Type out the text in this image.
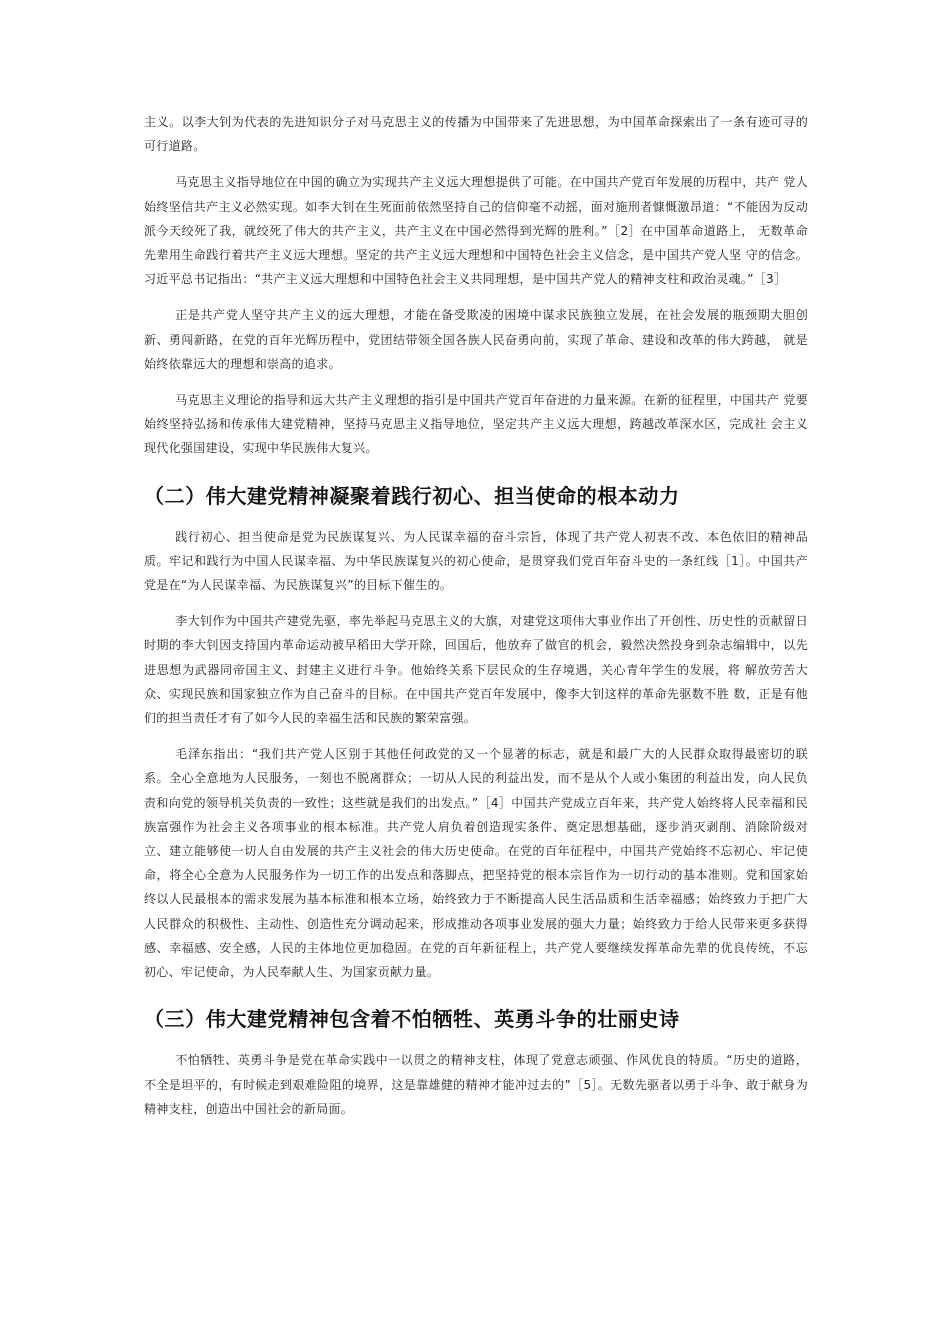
主义。以李大钊为代表的先进知识分子对马克思主义的传播为中国带来了先进思想，为中国革命探索出了一条有迹可寻的可行道路。

马克思主义指导地位在中国的确立为实现共产主义远大理想提供了可能。在中国共产党百年发展的历程中，共产 党人始终坚信共产主义必然实现。如李大钊在生死面前依然坚持自己的信仰毫不动摇，面对施刑者慷慨激昂道：“不能因为反动派今天绞死了我，就绞死了伟大的共产主义，共产主义在中国必然得到光辉的胜利。”［2］在中国革命道路上， 无数革命先辈用生命践行着共产主义远大理想。坚定的共产主义远大理想和中国特色社会主义信念，是中国共产党人坚 守的信念。习近平总书记指出：“共产主义远大理想和中国特色社会主义共同理想，是中国共产党人的精神支柱和政治灵魂。”［3］

正是共产党人坚守共产主义的远大理想，才能在备受欺凌的困境中谋求民族独立发展，在社会发展的瓶颈期大胆创新、勇闯新路，在党的百年光辉历程中，党团结带领全国各族人民奋勇向前，实现了革命、建设和改革的伟大跨越， 就是始终依靠远大的理想和崇高的追求。

马克思主义理论的指导和远大共产主义理想的指引是中国共产党百年奋进的力量来源。在新的征程里，中国共产 党要始终坚持弘扬和传承伟大建党精神，坚持马克思主义指导地位，坚定共产主义远大理想，跨越改革深水区，完成社 会主义现代化强国建设，实现中华民族伟大复兴。

（二）伟大建党精神凝聚着践行初心、担当使命的根本动力

践行初心、担当使命是党为民族谋复兴、为人民谋幸福的奋斗宗旨，体现了共产党人初衷不改、本色依旧的精神品质。牢记和践行为中国人民谋幸福、为中华民族谋复兴的初心使命，是贯穿我们党百年奋斗史的一条红线［1］。中国共产党是在“为人民谋幸福、为民族谋复兴”的目标下催生的。

李大钊作为中国共产建党先驱，率先举起马克思主义的大旗，对建党这项伟大事业作出了开创性、历史性的贡献留日时期的李大钊因支持国内革命运动被早稻田大学开除，回国后，他放弃了做官的机会，毅然决然投身到杂志编辑中，以先进思想为武器同帝国主义、封建主义进行斗争。他始终关系下层民众的生存境遇，关心青年学生的发展，将 解放劳苦大众、实现民族和国家独立作为自己奋斗的目标。在中国共产党百年发展中，像李大钊这样的革命先驱数不胜 数，正是有他们的担当责任才有了如今人民的幸福生活和民族的繁荣富强。

毛泽东指出：“我们共产党人区别于其他任何政党的又一个显著的标志，就是和最广大的人民群众取得最密切的联系。全心全意地为人民服务，一刻也不脱离群众；一切从人民的利益出发，而不是从个人或小集团的利益出发，向人民负责和向党的领导机关负责的一致性；这些就是我们的出发点。”［4］中国共产党成立百年来，共产党人始终将人民幸福和民族富强作为社会主义各项事业的根本标准。共产党人肩负着创造现实条件、奠定思想基础，逐步消灭剥削、消除阶级对立、建立能够使一切人自由发展的共产主义社会的伟大历史使命。在党的百年征程中，中国共产党始终不忘初心、牢记使命，将全心全意为人民服务作为一切工作的出发点和落脚点，把坚持党的根本宗旨作为一切行动的基本准则。党和国家始终以人民最根本的需求发展为基本标准和根本立场，始终致力于不断提高人民生活品质和生活幸福感；始终致力于把广大人民群众的积极性、主动性、创造性充分调动起来，形成推动各项事业发展的强大力量；始终致力于给人民带来更多获得感、幸福感、安全感，人民的主体地位更加稳固。在党的百年新征程上，共产党人要继续发挥革命先辈的优良传统，不忘初心、牢记使命，为人民奉献人生、为国家贡献力量。

（三）伟大建党精神包含着不怕牺牲、英勇斗争的壮丽史诗

不怕牺牲、英勇斗争是党在革命实践中一以贯之的精神支柱，体现了党意志顽强、作风优良的特质。“历史的道路， 不全是坦平的，有时候走到艰难险阻的境界，这是靠雄健的精神才能冲过去的”［5］。无数先驱者以勇于斗争、敢于献身为精神支柱，创造出中国社会的新局面。
